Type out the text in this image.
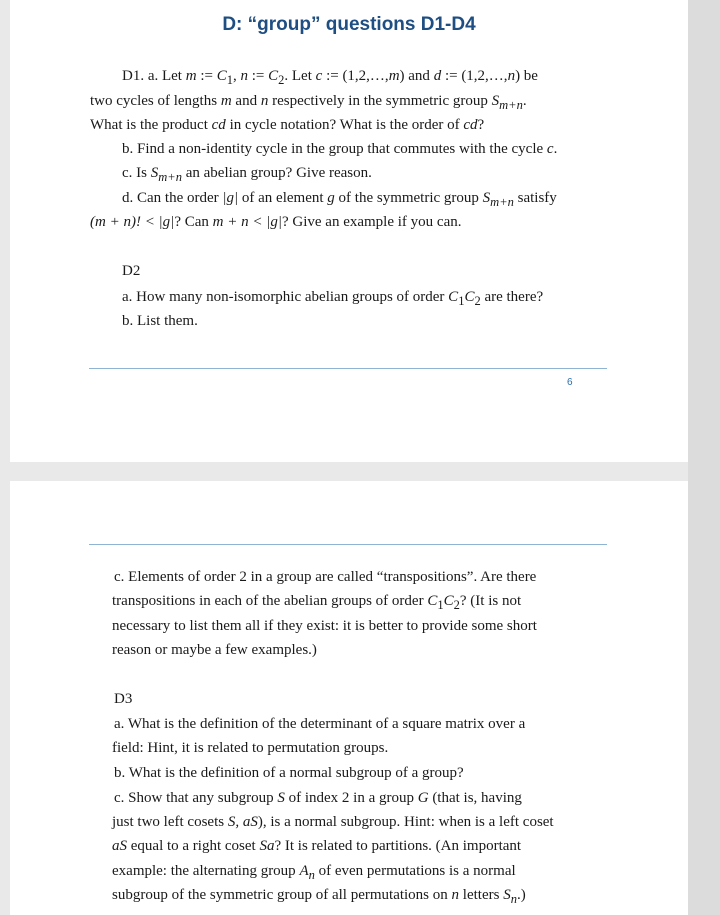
D: “group” questions D1-D4
D1. a. Let m := $C_1$, n := $C_2$. Let c := (1,2,…,m) and d := (1,2,…,n) be
two cycles of lengths m and n respectively in the symmetric group $S_{m+n}$.
What is the product cd in cycle notation? What is the order of cd?
b. Find a non-identity cycle in the group that commutes with the cycle c.
c. Is $S_{m+n}$ an abelian group? Give reason.
d. Can the order |g| of an element g of the symmetric group $S_{m+n}$ satisfy
(m + n)! < |g|? Can m + n < |g|? Give an example if you can.
D2
a. How many non-isomorphic abelian groups of order $C_1C_2$ are there?
b. List them.
6
c. Elements of order 2 in a group are called “transpositions”. Are there
transpositions in each of the abelian groups of order $C_1C_2$? (It is not
necessary to list them all if they exist: it is better to provide some short
reason or maybe a few examples.)
D3
a. What is the definition of the determinant of a square matrix over a
field: Hint, it is related to permutation groups.
b. What is the definition of a normal subgroup of a group?
c. Show that any subgroup S of index 2 in a group G (that is, having
just two left cosets S, aS), is a normal subgroup. Hint: when is a left coset
aS equal to a right coset Sa? It is related to partitions. (An important
example: the alternating group $A_n$ of even permutations is a normal
subgroup of the symmetric group of all permutations on n letters $S_n$.)
